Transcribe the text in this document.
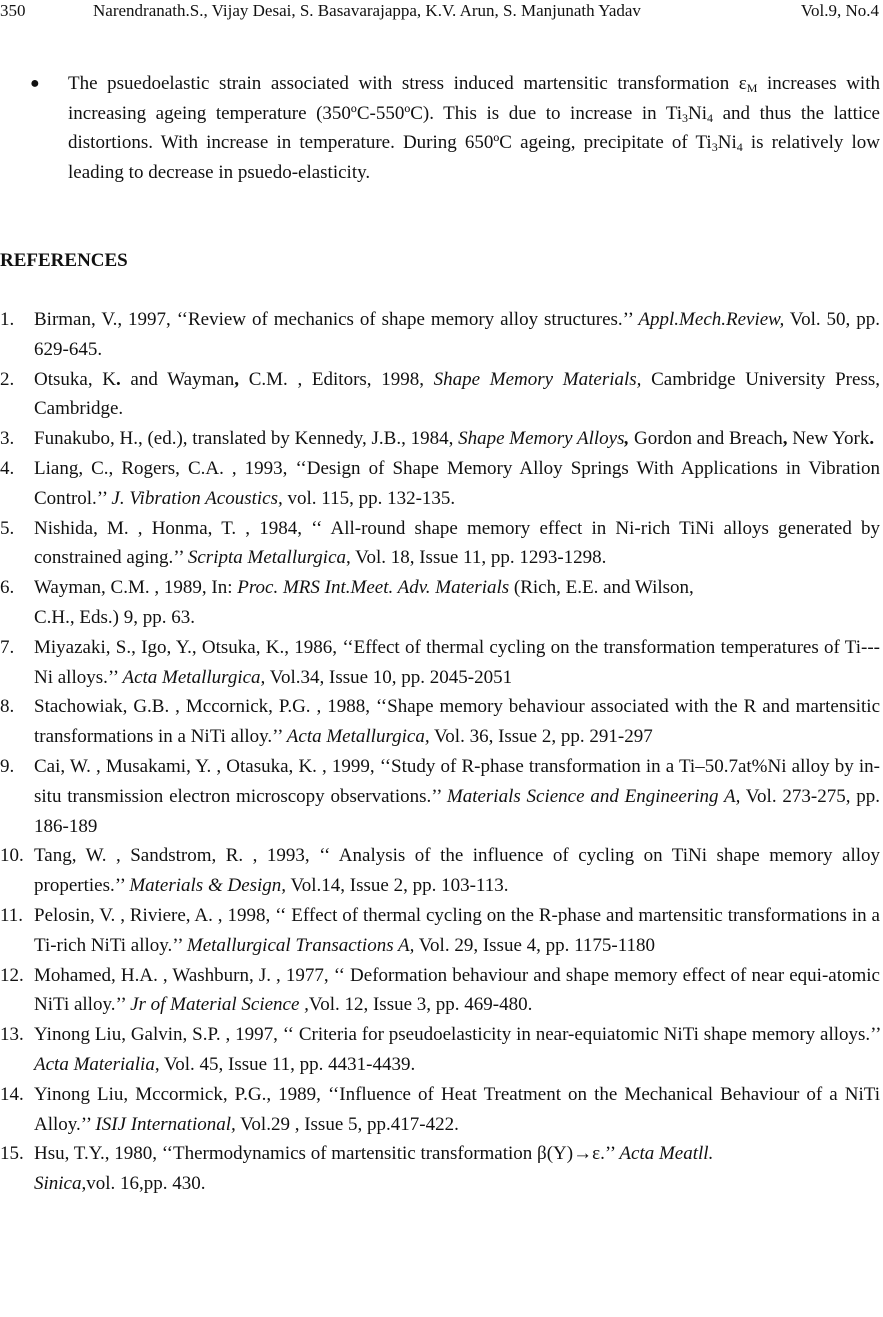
350	Narendranath.S., Vijay Desai, S. Basavarajappa, K.V. Arun, S. Manjunath Yadav	Vol.9, No.4
● The psuedoelastic strain associated with stress induced martensitic transformation $\varepsilon_M$ increases with increasing ageing temperature (350ºC-550ºC). This is due to increase in $Ti_3Ni_4$ and thus the lattice distortions. With increase in temperature. During 650ºC ageing, precipitate of $Ti_3Ni_4$ is relatively low leading to decrease in psuedo-elasticity.
REFERENCES
1. Birman, V., 1997, ‘‘Review of mechanics of shape memory alloy structures.’’ Appl.Mech.Review, Vol. 50, pp. 629-645.
2. Otsuka, K. and Wayman, C.M. , Editors, 1998, Shape Memory Materials, Cambridge University Press, Cambridge.
3. Funakubo, H., (ed.), translated by Kennedy, J.B., 1984, Shape Memory Alloys, Gordon and Breach, New York.
4. Liang, C., Rogers, C.A. , 1993, ‘‘Design of Shape Memory Alloy Springs With Applications in Vibration Control.’’ J. Vibration Acoustics, vol. 115, pp. 132-135.
5. Nishida, M. , Honma, T. , 1984, ‘‘ All-round shape memory effect in Ni-rich TiNi alloys generated by constrained aging.’’ Scripta Metallurgica, Vol. 18, Issue 11, pp. 1293-1298.
6. Wayman, C.M. , 1989, In: Proc. MRS Int.Meet. Adv. Materials (Rich, E.E. and Wilson,
C.H., Eds.) 9, pp. 63.
7. Miyazaki, S., Igo, Y., Otsuka, K., 1986, ‘‘Effect of thermal cycling on the transformation temperatures of Ti---Ni alloys.’’ Acta Metallurgica, Vol.34, Issue 10, pp. 2045-2051
8. Stachowiak, G.B. , Mccornick, P.G. , 1988, ‘‘Shape memory behaviour associated with the R and martensitic transformations in a NiTi alloy.’’ Acta Metallurgica, Vol. 36, Issue 2, pp. 291-297
9. Cai, W. , Musakami, Y. , Otasuka, K. , 1999, ‘‘Study of R-phase transformation in a Ti–50.7at%Ni alloy by in-situ transmission electron microscopy observations.’’ Materials Science and Engineering A, Vol. 273-275, pp. 186-189
10. Tang, W. , Sandstrom, R. , 1993, ‘‘ Analysis of the influence of cycling on TiNi shape memory alloy properties.’’ Materials & Design, Vol.14, Issue 2, pp. 103-113.
11. Pelosin, V. , Riviere, A. , 1998, ‘‘ Effect of thermal cycling on the R-phase and martensitic transformations in a Ti-rich NiTi alloy.’’ Metallurgical Transactions A, Vol. 29, Issue 4, pp. 1175-1180
12. Mohamed, H.A. , Washburn, J. , 1977, ‘‘ Deformation behaviour and shape memory effect of near equi-atomic NiTi alloy.’’ Jr of Material Science ,Vol. 12, Issue 3, pp. 469-480.
13. Yinong Liu, Galvin, S.P. , 1997, ‘‘ Criteria for pseudoelasticity in near-equiatomic NiTi shape memory alloys.’’ Acta Materialia, Vol. 45, Issue 11, pp. 4431-4439.
14. Yinong Liu, Mccormick, P.G., 1989, ‘‘Influence of Heat Treatment on the Mechanical Behaviour of a NiTi Alloy.’’ ISIJ International, Vol.29 , Issue 5, pp.417-422.
15. Hsu, T.Y., 1980, ‘‘Thermodynamics of martensitic transformation β(Y)→ε.’’ Acta Meatll.
Sinica,vol. 16,pp. 430.
